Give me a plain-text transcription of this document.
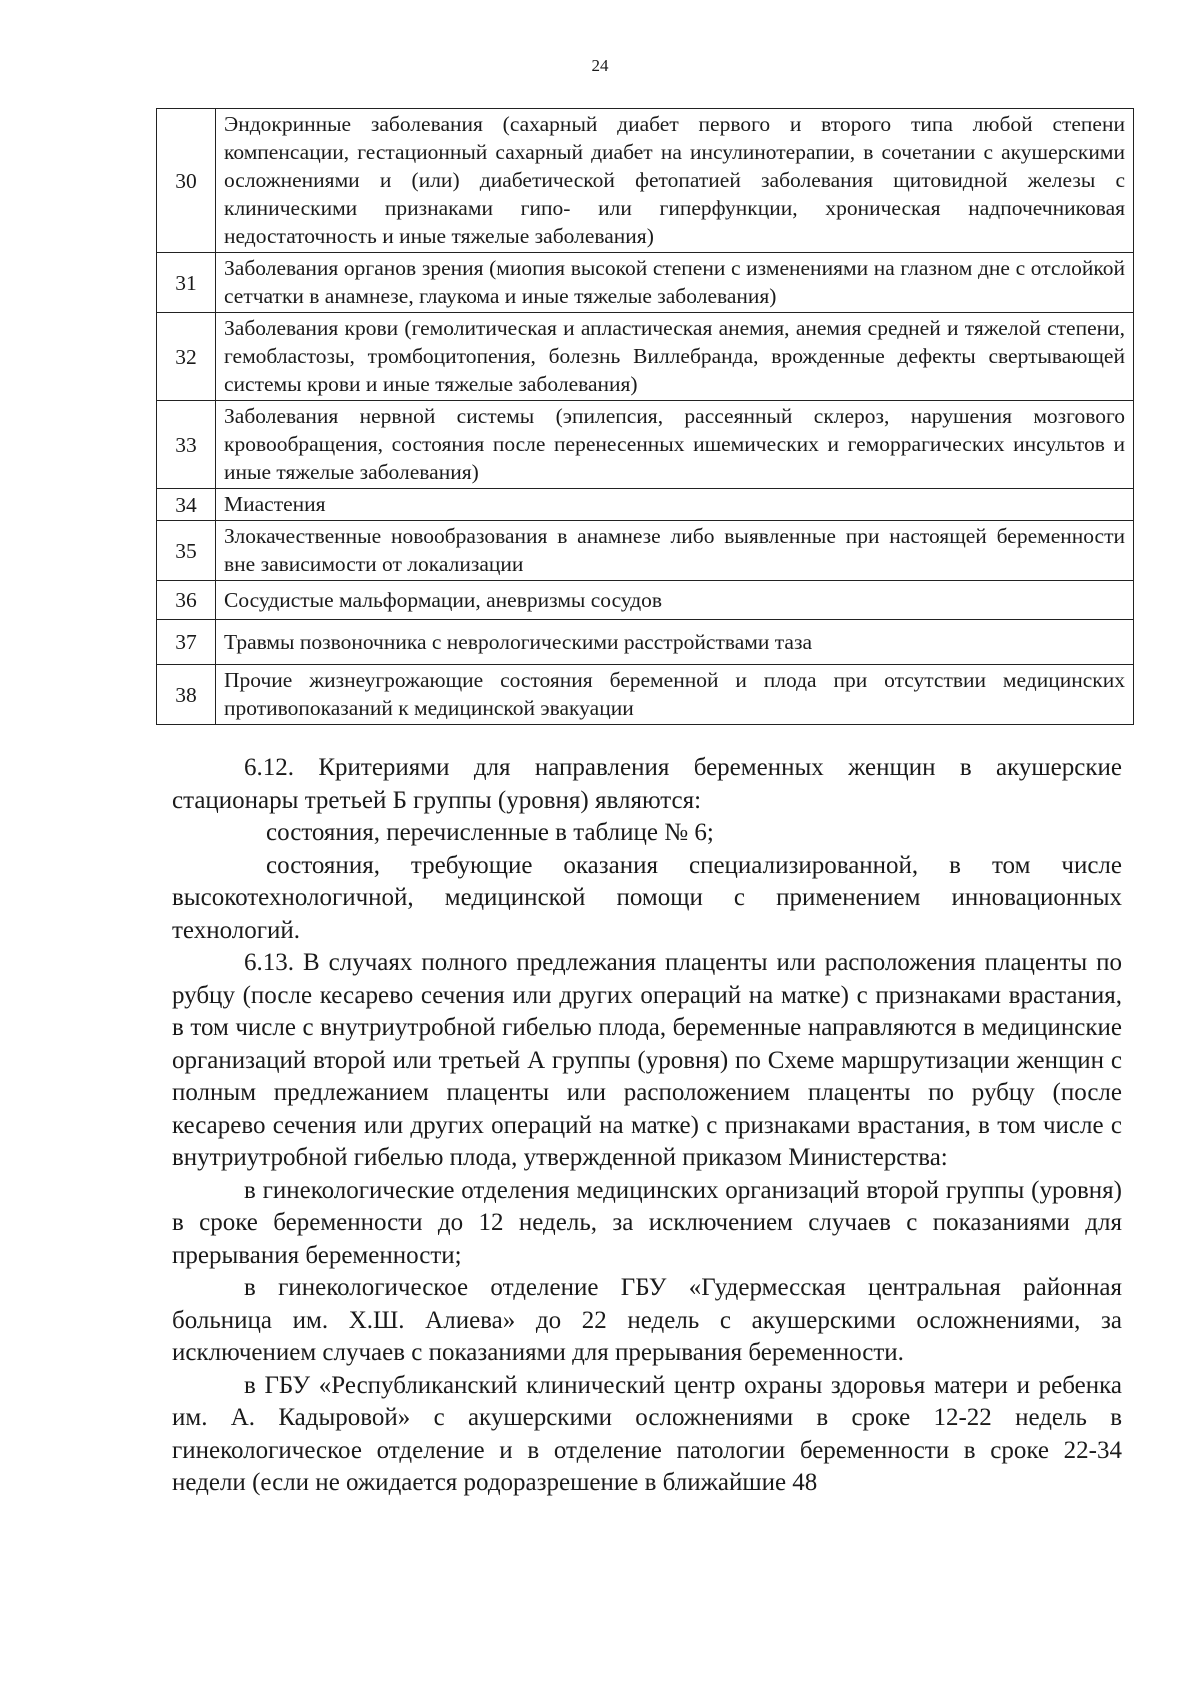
24
30	Эндокринные заболевания (сахарный диабет первого и второго типа любой степени компенсации, гестационный сахарный диабет на инсулинотерапии, в сочетании с акушерскими осложнениями и (или) диабетической фетопатией заболевания щитовидной железы с клиническими признаками гипо- или гиперфункции, хроническая надпочечниковая недостаточность и иные тяжелые заболевания)
31	Заболевания органов зрения (миопия высокой степени с изменениями на глазном дне с отслойкой сетчатки в анамнезе, глаукома и иные тяжелые заболевания)
32	Заболевания крови (гемолитическая и апластическая анемия, анемия средней и тяжелой степени, гемобластозы, тромбоцитопения, болезнь Виллебранда, врожденные дефекты свертывающей системы крови и иные тяжелые заболевания)
33	Заболевания нервной системы (эпилепсия, рассеянный склероз, нарушения мозгового кровообращения, состояния после перенесенных ишемических и геморрагических инсультов и иные тяжелые заболевания)
34	Миастения
35	Злокачественные новообразования в анамнезе либо выявленные при настоящей беременности вне зависимости от локализации
36	Сосудистые мальформации, аневризмы сосудов
37	Травмы позвоночника с неврологическими расстройствами таза
38	Прочие жизнеугрожающие состояния беременной и плода при отсутствии медицинских противопоказаний к медицинской эвакуации

6.12. Критериями для направления беременных женщин в акушерские стационары третьей Б группы (уровня) являются:

состояния, перечисленные в таблице № 6;

состояния, требующие оказания специализированной, в том числе высокотехнологичной, медицинской помощи с применением инновационных технологий.

6.13. В случаях полного предлежания плаценты или расположения плаценты по рубцу (после кесарево сечения или других операций на матке) с признаками врастания, в том числе с внутриутробной гибелью плода, беременные направляются в медицинские организаций второй или третьей А группы (уровня) по Схеме маршрутизации женщин с полным предлежанием плаценты или расположением плаценты по рубцу (после кесарево сечения или других операций на матке) с признаками врастания, в том числе с внутриутробной гибелью плода, утвержденной приказом Министерства:

в гинекологические отделения медицинских организаций второй группы (уровня) в сроке беременности до 12 недель, за исключением случаев с показаниями для прерывания беременности;

в гинекологическое отделение ГБУ «Гудермесская центральная районная больница им. Х.Ш. Алиева» до 22 недель с акушерскими осложнениями, за исключением случаев с показаниями для прерывания беременности.

в ГБУ «Республиканский клинический центр охраны здоровья матери и ребенка им. А. Кадыровой» с акушерскими осложнениями в сроке 12-22 недель в гинекологическое отделение и в отделение патологии беременности в сроке 22-34 недели (если не ожидается родоразрешение в ближайшие 48
